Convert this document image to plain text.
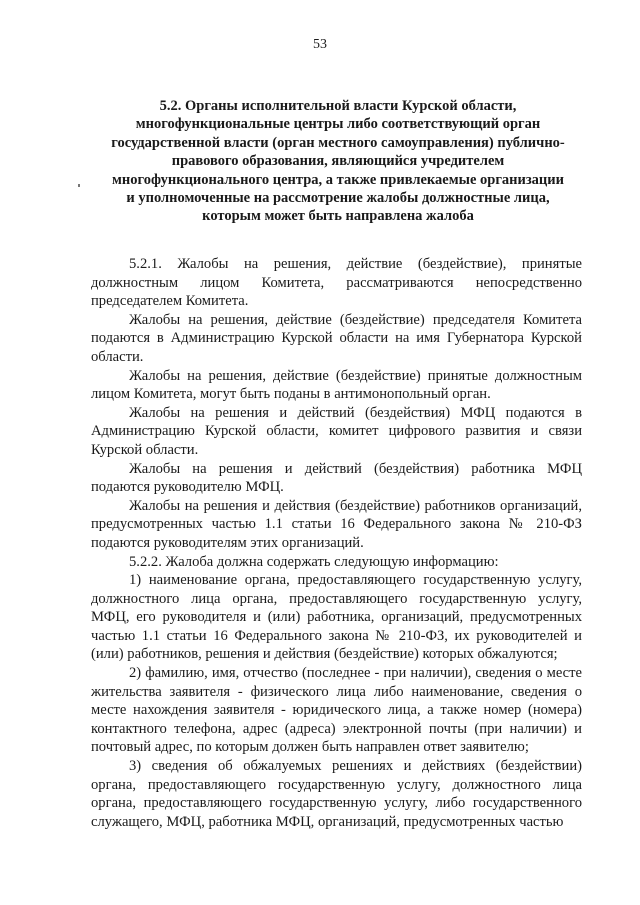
53
5.2. Органы исполнительной власти Курской области,
многофункциональные центры либо соответствующий орган
государственной власти (орган местного самоуправления) публично-
правового образования, являющийся учредителем
многофункционального центра, а также привлекаемые организации
и уполномоченные на рассмотрение жалобы должностные лица,
которым может быть направлена жалоба

5.2.1. Жалобы на решения, действие (бездействие), принятые должностным лицом Комитета, рассматриваются непосредственно председателем Комитета.

Жалобы на решения, действие (бездействие) председателя Комитета подаются в Администрацию Курской области на имя Губернатора Курской области.

Жалобы на решения, действие (бездействие) принятые должностным лицом Комитета, могут быть поданы в антимонопольный орган.

Жалобы на решения и действий (бездействия) МФЦ подаются в Администрацию Курской области, комитет цифрового развития и связи Курской области.

Жалобы на решения и действий (бездействия) работника МФЦ подаются руководителю МФЦ.

Жалобы на решения и действия (бездействие) работников организаций, предусмотренных частью 1.1 статьи 16 Федерального закона № 210-ФЗ подаются руководителям этих организаций.

5.2.2. Жалоба должна содержать следующую информацию:

1) наименование органа, предоставляющего государственную услугу, должностного лица органа, предоставляющего государственную услугу, МФЦ, его руководителя и (или) работника, организаций, предусмотренных частью 1.1 статьи 16 Федерального закона № 210-ФЗ, их руководителей и (или) работников, решения и действия (бездействие) которых обжалуются;

2) фамилию, имя, отчество (последнее - при наличии), сведения о месте жительства заявителя - физического лица либо наименование, сведения о месте нахождения заявителя - юридического лица, а также номер (номера) контактного телефона, адрес (адреса) электронной почты (при наличии) и почтовый адрес, по которым должен быть направлен ответ заявителю;

3) сведения об обжалуемых решениях и действиях (бездействии) органа, предоставляющего государственную услугу, должностного лица органа, предоставляющего государственную услугу, либо государственного служащего, МФЦ, работника МФЦ, организаций, предусмотренных частью
